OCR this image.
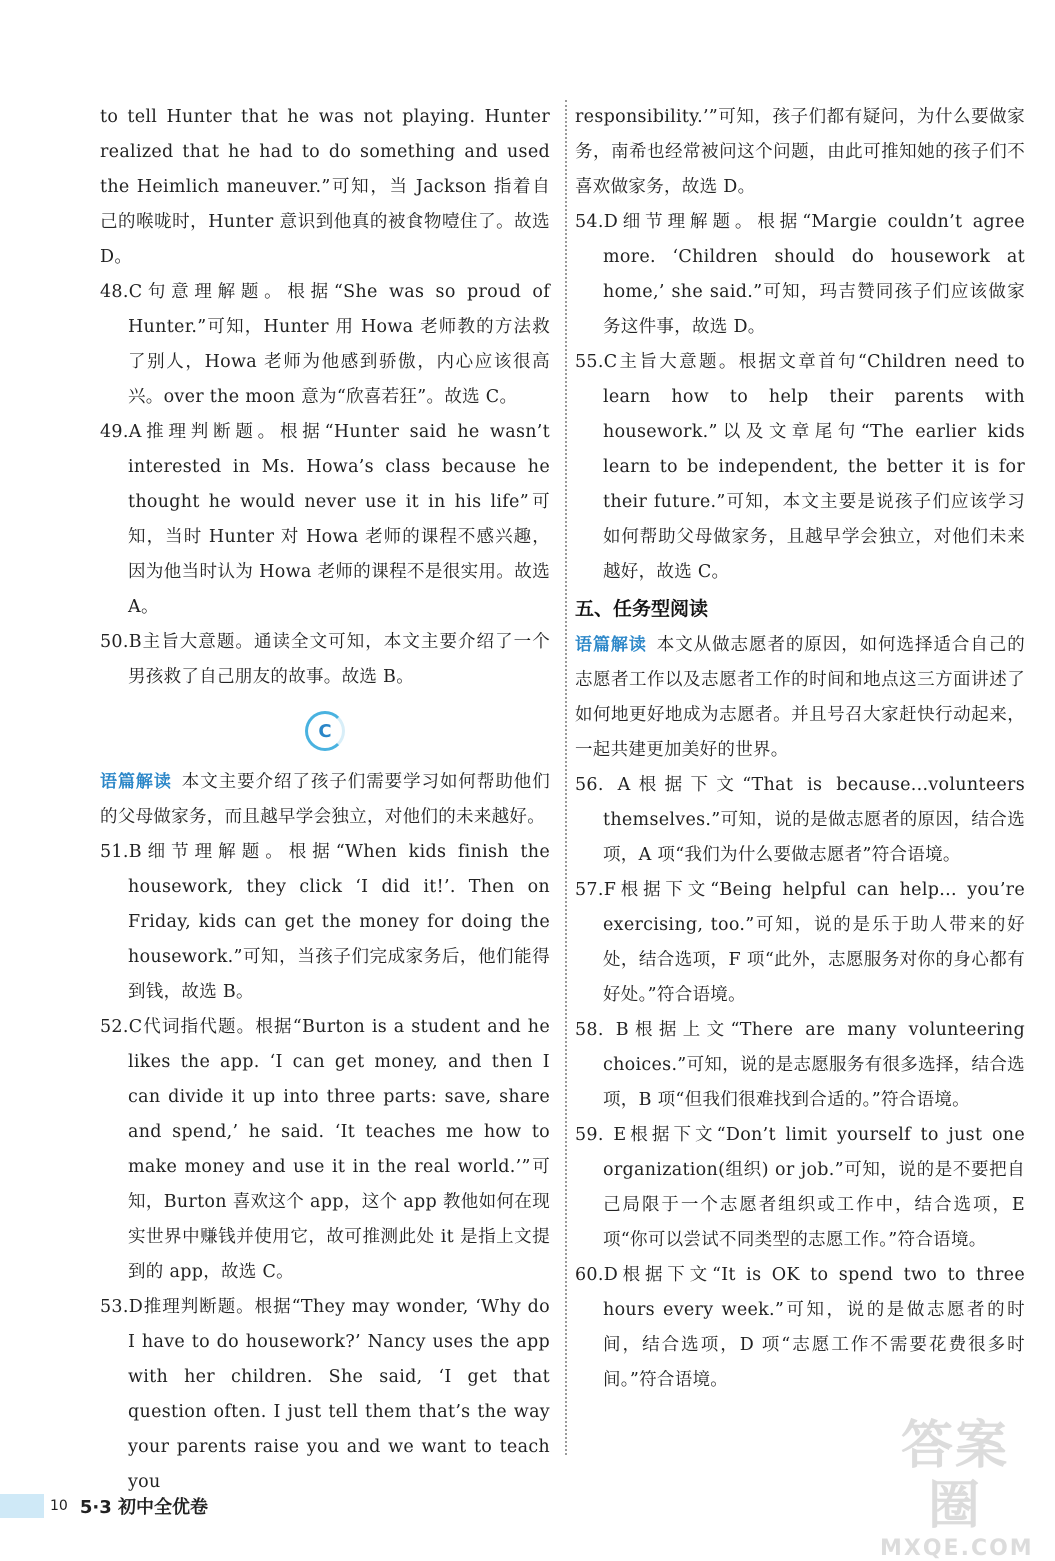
to tell Hunter that he was not playing. Hunter realized that he had to do something and used the Heimlich maneuver.”可知，当 Jackson 指着自己的喉咙时，Hunter 意识到他真的被食物噎住了。故选 D。

48.C句意理解题。根据“She was so proud of Hunter.”可知，Hunter 用 Howa 老师教的方法救了别人，Howa 老师为他感到骄傲，内心应该很高兴。over the moon 意为“欣喜若狂”。故选 C。

49.A推理判断题。根据“Hunter said he wasn’t interested in Ms. Howa’s class because he thought he would never use it in his life”可知，当时 Hunter 对 Howa 老师的课程不感兴趣，因为他当时认为 Howa 老师的课程不是很实用。故选 A。

50.B主旨大意题。通读全文可知，本文主要介绍了一个男孩救了自己朋友的故事。故选 B。

C

语篇解读 本文主要介绍了孩子们需要学习如何帮助他们的父母做家务，而且越早学会独立，对他们的未来越好。

51.B细节理解题。根据“When kids finish the housework, they click ‘I did it!’. Then on Friday, kids can get the money for doing the housework.”可知，当孩子们完成家务后，他们能得到钱，故选 B。

52.C代词指代题。根据“Burton is a student and he likes the app. ‘I can get money, and then I can divide it up into three parts: save, share and spend,’ he said. ‘It teaches me how to make money and use it in the real world.’”可知，Burton 喜欢这个 app，这个 app 教他如何在现实世界中赚钱并使用它，故可推测此处 it 是指上文提到的 app，故选 C。

53.D推理判断题。根据“They may wonder, ‘Why do I have to do housework?’ Nancy uses the app with her children. She said, ‘I get that question often. I just tell them that’s the way your parents raise you and we want to teach you

responsibility.’”可知，孩子们都有疑问，为什么要做家务，南希也经常被问这个问题，由此可推知她的孩子们不喜欢做家务，故选 D。

54.D细节理解题。根据“Margie couldn’t agree more. ‘Children should do housework at home,’ she said.”可知，玛吉赞同孩子们应该做家务这件事，故选 D。

55.C主旨大意题。根据文章首句“Children need to learn how to help their parents with housework.”以及文章尾句“The earlier kids learn to be independent, the better it is for their future.”可知，本文主要是说孩子们应该学习如何帮助父母做家务，且越早学会独立，对他们未来越好，故选 C。

五、任务型阅读

语篇解读 本文从做志愿者的原因，如何选择适合自己的志愿者工作以及志愿者工作的时间和地点这三方面讲述了如何地更好地成为志愿者。并且号召大家赶快行动起来，一起共建更加美好的世界。

56. A根据下文“That is because...volunteers themselves.”可知，说的是做志愿者的原因，结合选项，A 项“我们为什么要做志愿者”符合语境。

57.F根据下文“Being helpful can help... you’re exercising, too.”可知，说的是乐于助人带来的好处，结合选项，F 项“此外，志愿服务对你的身心都有好处。”符合语境。

58. B根据上文“There are many volunteering choices.”可知，说的是志愿服务有很多选择，结合选项，B 项“但我们很难找到合适的。”符合语境。

59. E根据下文“Don’t limit yourself to just one organization(组织) or job.”可知，说的是不要把自己局限于一个志愿者组织或工作中，结合选项，E 项“你可以尝试不同类型的志愿工作。”符合语境。

60.D根据下文“It is OK to spend two to three hours every week.”可知，说的是做志愿者的时间，结合选项，D 项“志愿工作不需要花费很多时间。”符合语境。

10 5·3 初中全优卷
答案圈
MXQE.COM
